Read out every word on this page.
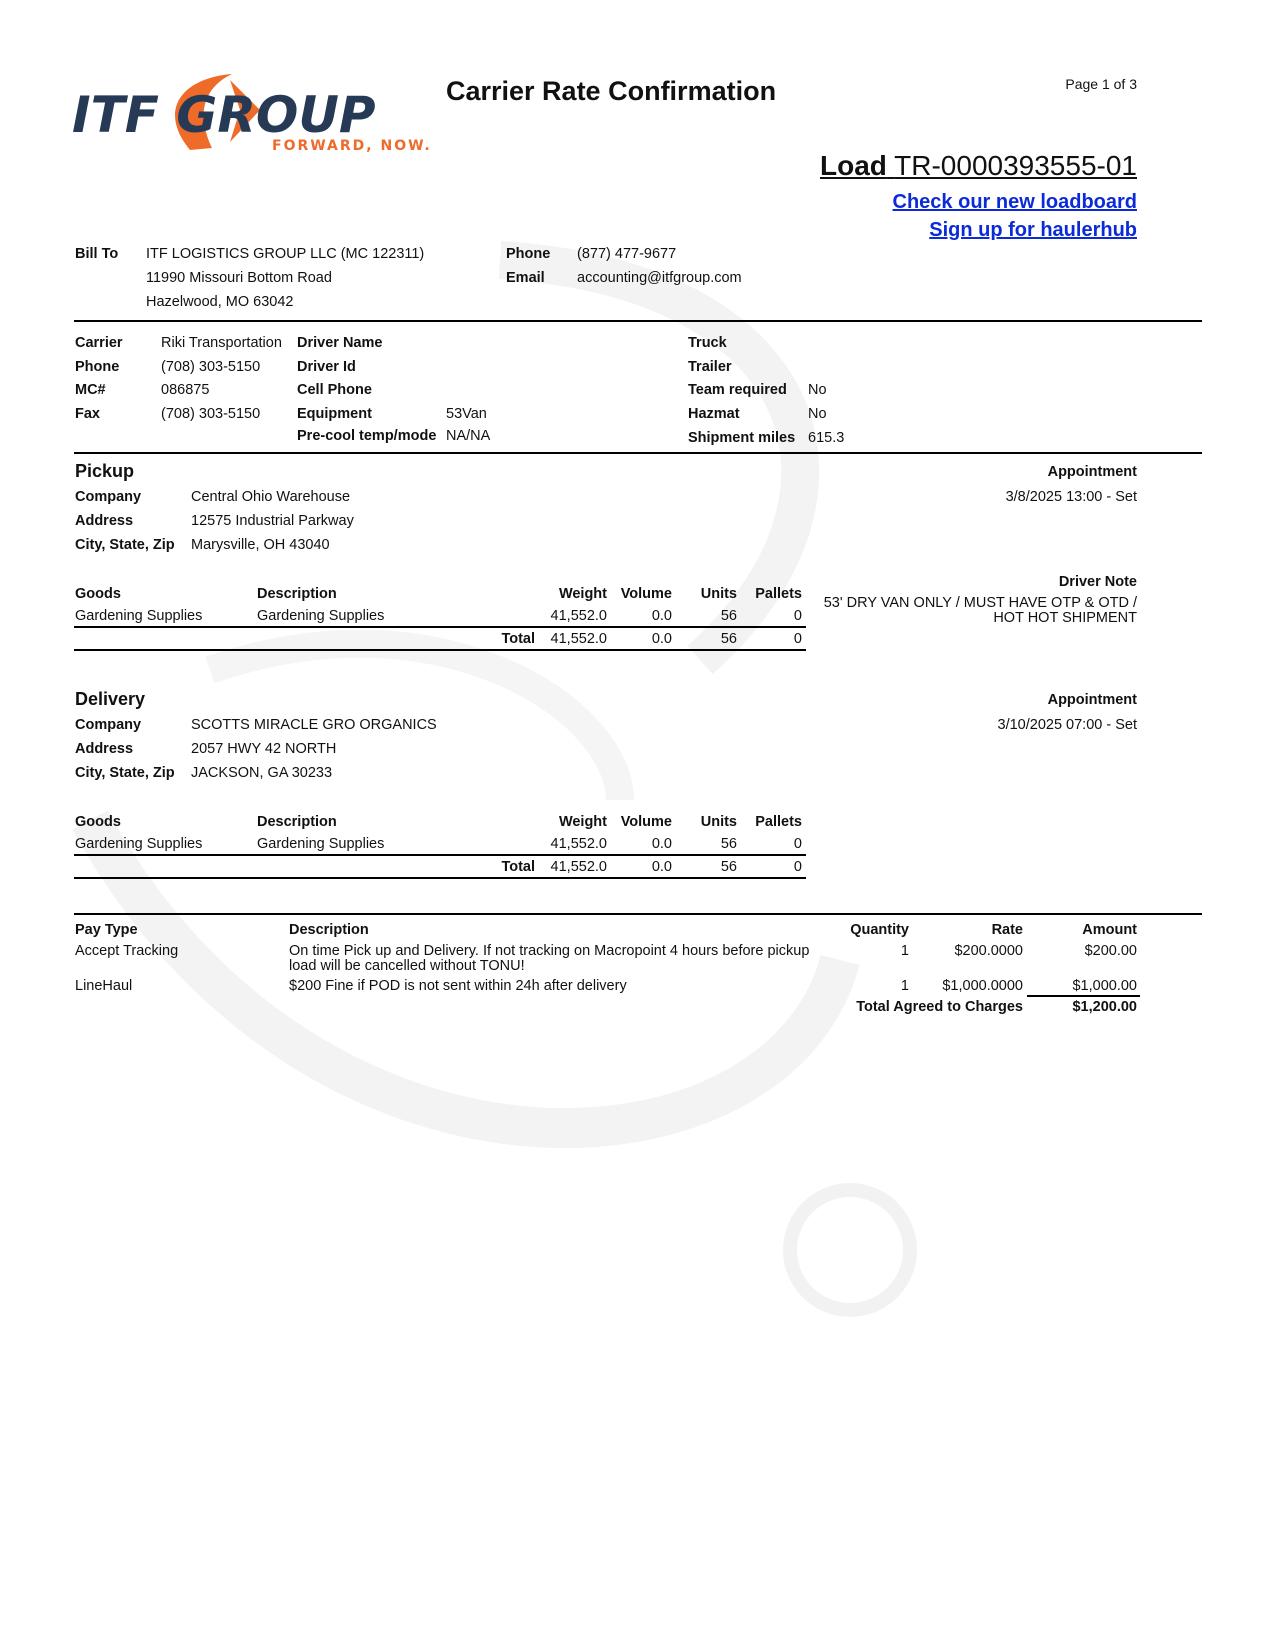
ITF GROUP
FORWARD, NOW.
Carrier Rate Confirmation	Page 1 of 3
Load TR-0000393555-01
Check our new loadboard
Sign up for haulerhub
Bill To ITF LOGISTICS GROUP LLC (MC 122311)
11990 Missouri Bottom Road
Hazelwood, MO 63042
Phone (877) 477-9677
Email accounting@itfgroup.com
Carrier	Riki Transportation
Phone	(708) 303-5150
MC#	086875
Fax	(708) 303-5150
Driver Name
Driver Id
Cell Phone
Equipment	53Van
Pre-cool temp/mode NA/NA
Truck
Trailer
Team required No
Hazmat	No
Shipment miles 615.3
Pickup	Appointment
3/8/2025 13:00 - Set
Company	Central Ohio Warehouse
Address	12575 Industrial Parkway
City, State, Zip Marysville, OH 43040
Driver Note
53' DRY VAN ONLY / MUST HAVE OTP & OTD /
HOT HOT SHIPMENT
Goods	Description	Weight Volume Units Pallets
Gardening Supplies	Gardening Supplies	41,552.0	0.0	56	0
Total 41,552.0	0.0	56	0
Delivery	Appointment
3/10/2025 07:00 - Set
Company	SCOTTS MIRACLE GRO ORGANICS
Address	2057 HWY 42 NORTH
City, State, Zip JACKSON, GA 30233
Goods	Description	Weight Volume Units Pallets
Gardening Supplies	Gardening Supplies	41,552.0	0.0	56	0
Total 41,552.0	0.0	56	0
Pay Type	Description	Quantity	Rate	Amount
Accept Tracking	On time Pick up and Delivery. If not tracking on Macropoint 4 hours before pickup
load will be cancelled without TONU!
1	$200.0000	$200.00
LineHaul	$200 Fine if POD is not sent within 24h after delivery	1 $1,000.0000	$1,000.00
Total Agreed to Charges	$1,200.00
